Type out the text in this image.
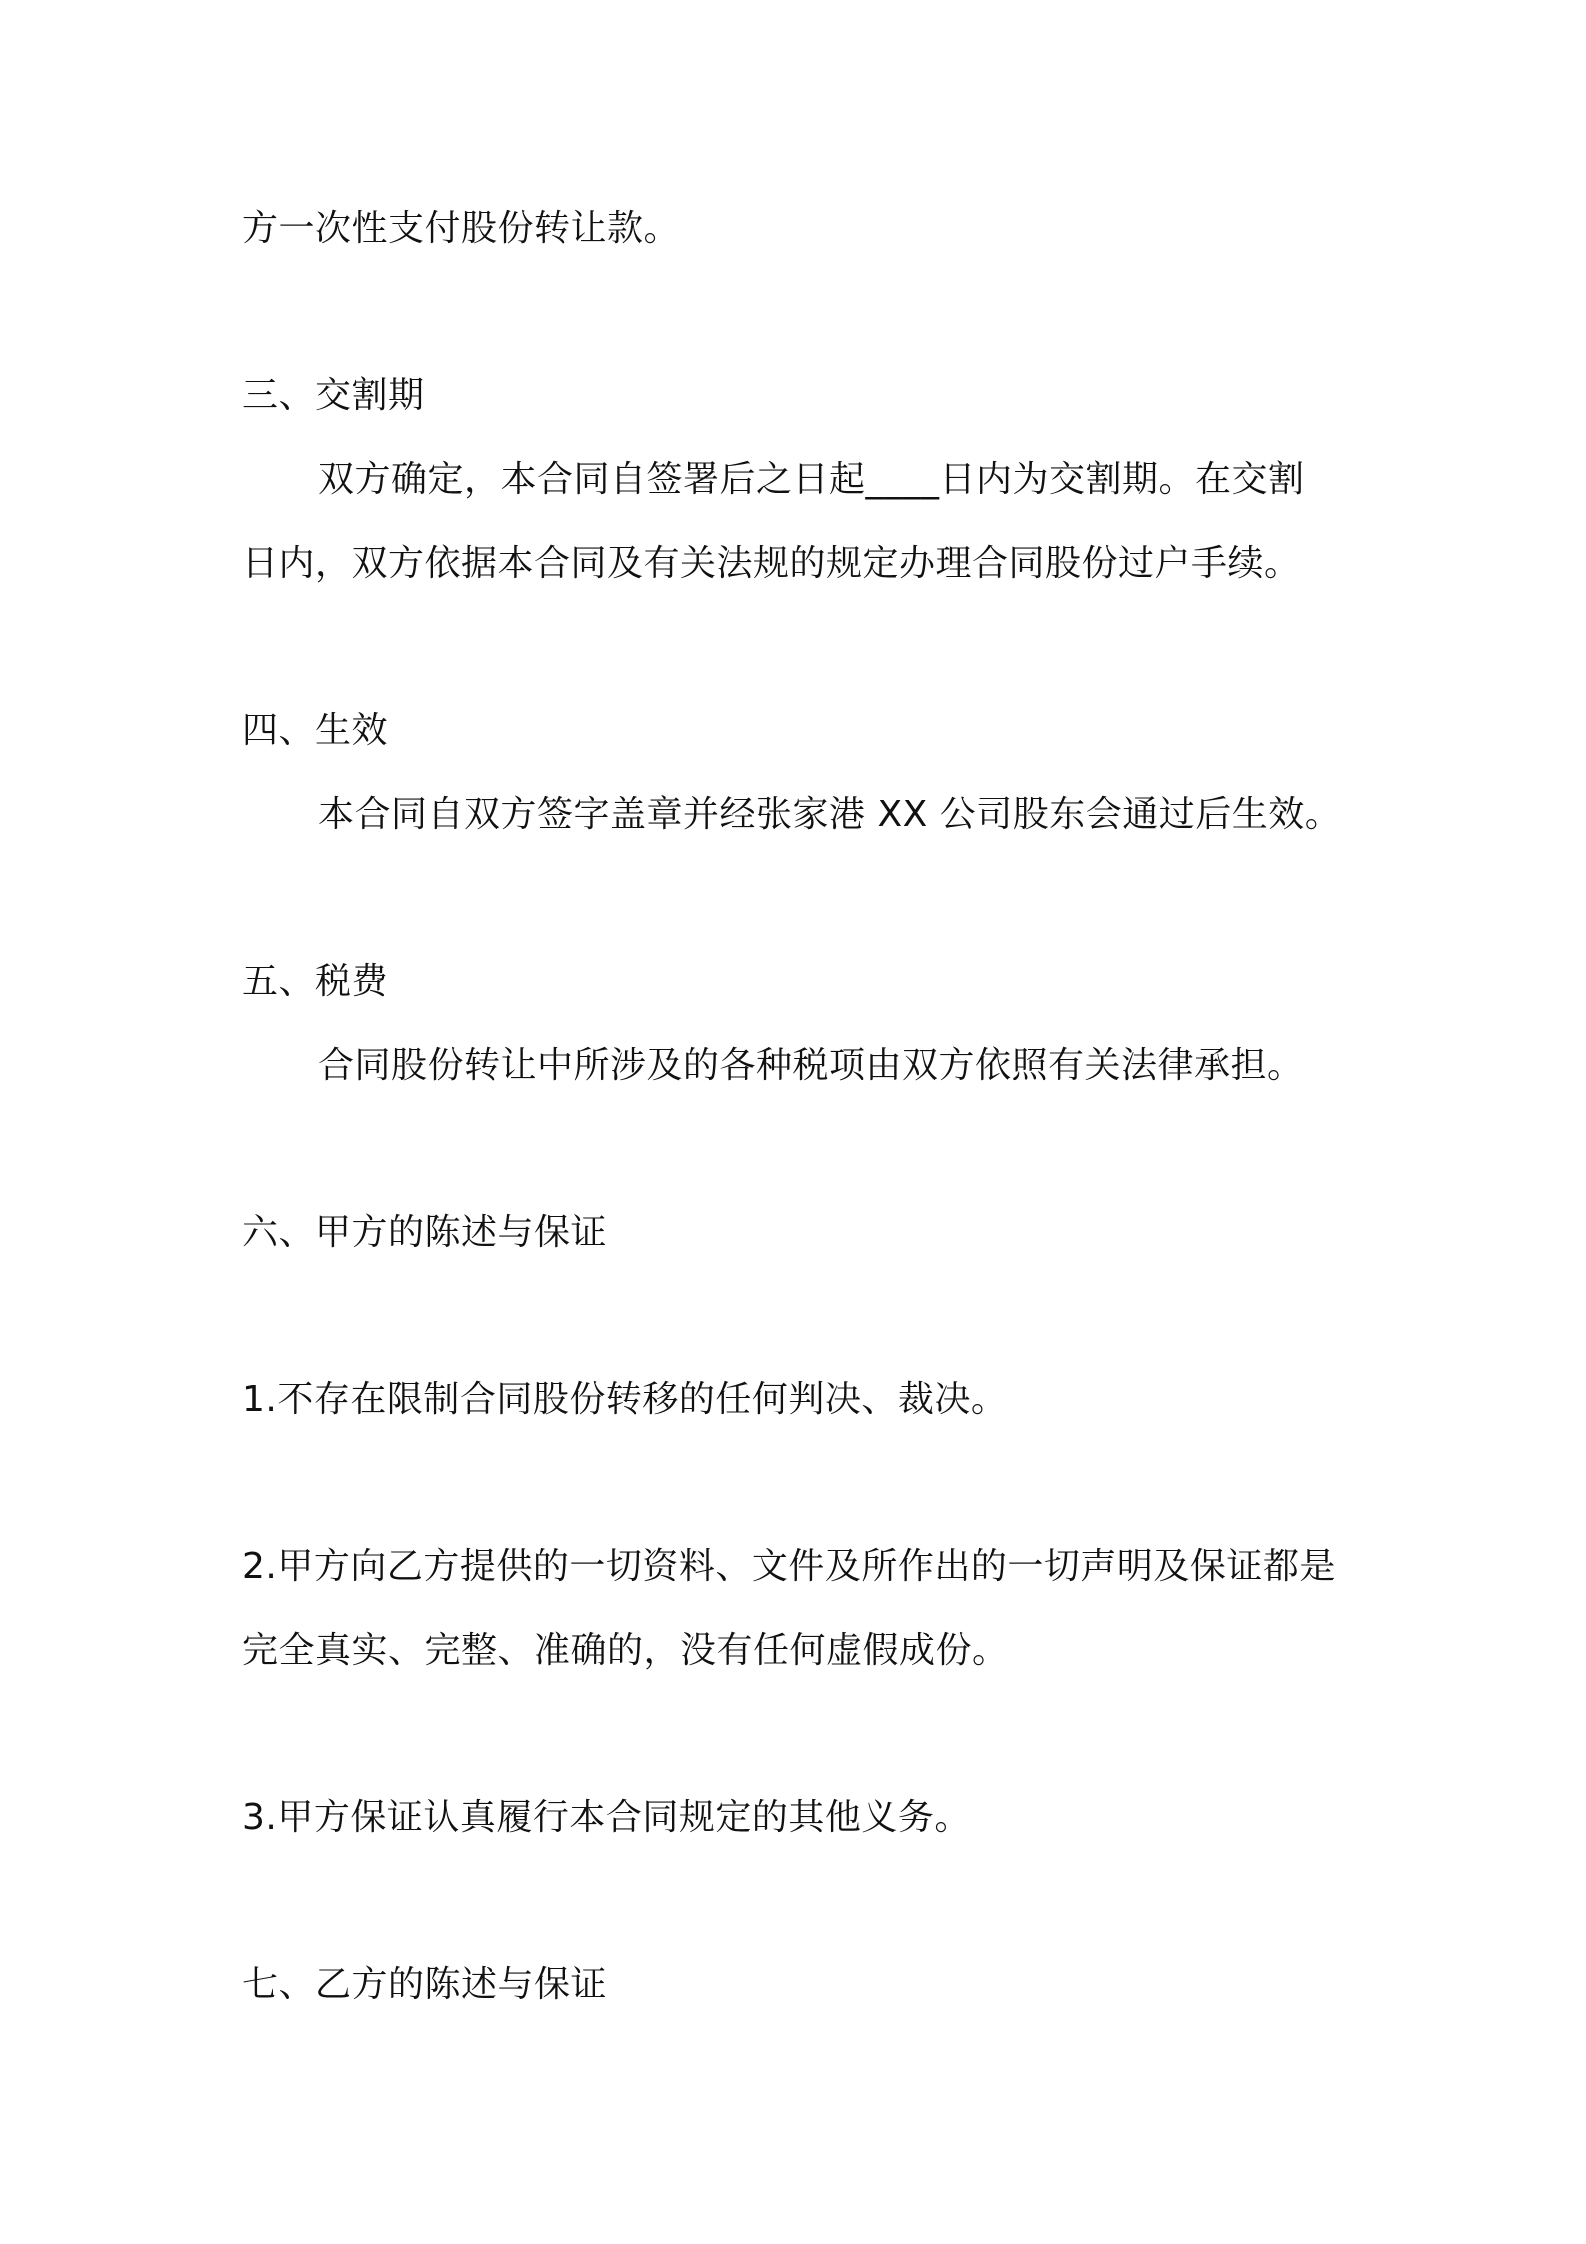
方一次性支付股份转让款。
三、交割期
双方确定，本合同自签署后之日起____日内为交割期。在交割
日内，双方依据本合同及有关法规的规定办理合同股份过户手续。
四、生效
本合同自双方签字盖章并经张家港 XX 公司股东会通过后生效。
五、税费
合同股份转让中所涉及的各种税项由双方依照有关法律承担。
六、甲方的陈述与保证
1.不存在限制合同股份转移的任何判决、裁决。
2.甲方向乙方提供的一切资料、文件及所作出的一切声明及保证都是
完全真实、完整、准确的，没有任何虚假成份。
3.甲方保证认真履行本合同规定的其他义务。
七、乙方的陈述与保证
